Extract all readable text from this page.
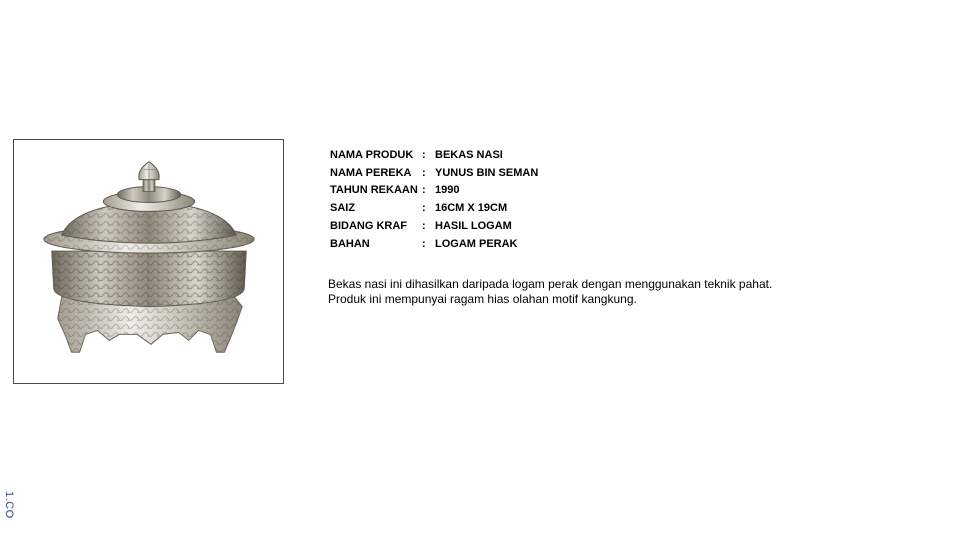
NAMA PRODUK	:	BEKAS NASI
NAMA PEREKA	:	YUNUS BIN SEMAN
TAHUN REKAAN	:	1990
SAIZ	:	16CM X 19CM
BIDANG KRAF	:	HASIL LOGAM
BAHAN	:	LOGAM PERAK

Bekas nasi ini dihasilkan daripada logam perak dengan menggunakan teknik pahat.

Produk ini mempunyai ragam hias olahan motif kangkung.

1.CO
